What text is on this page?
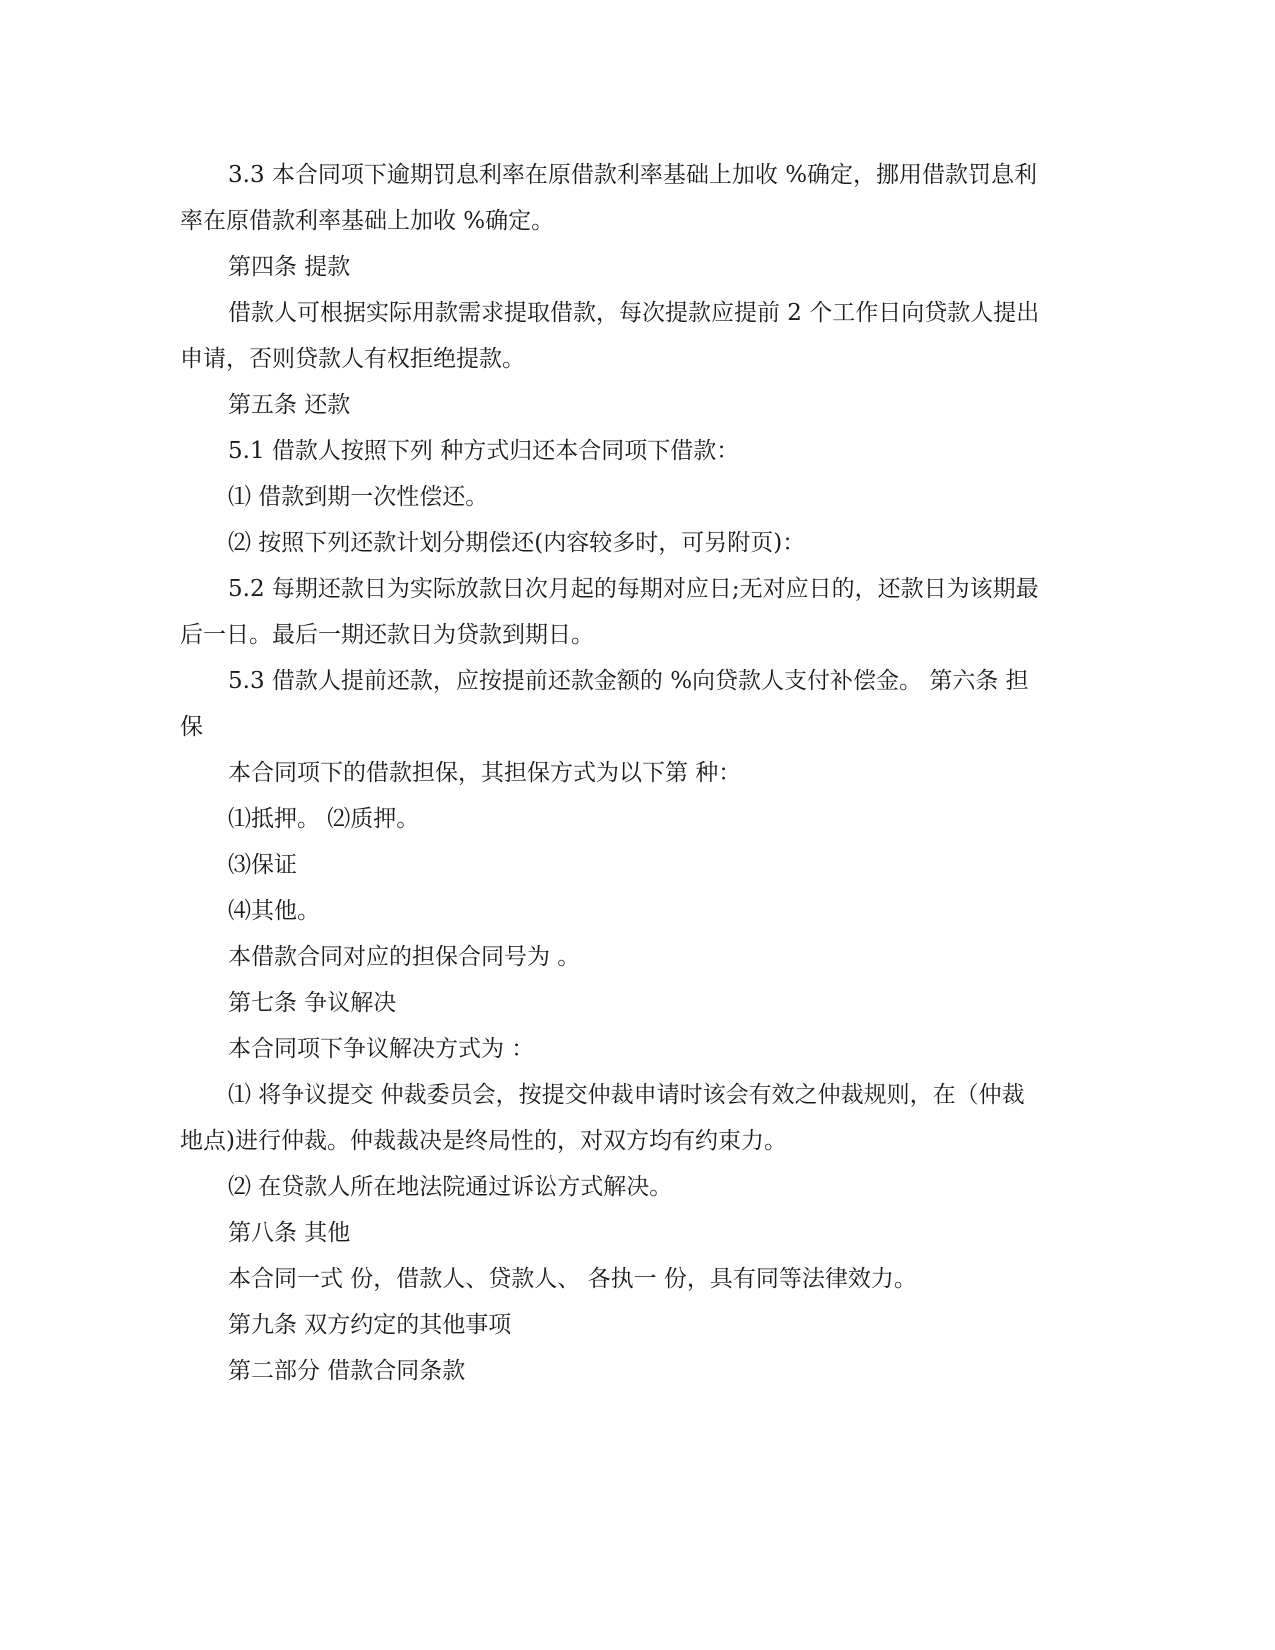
3.3 本合同项下逾期罚息利率在原借款利率基础上加收 %确定，挪用借款罚息利率在原借款利率基础上加收 %确定。

第四条 提款

借款人可根据实际用款需求提取借款，每次提款应提前 2 个工作日向贷款人提出申请，否则贷款人有权拒绝提款。

第五条 还款

5.1 借款人按照下列 种方式归还本合同项下借款：

⑴ 借款到期一次性偿还。

⑵ 按照下列还款计划分期偿还(内容较多时，可另附页)：

5.2 每期还款日为实际放款日次月起的每期对应日;无对应日的，还款日为该期最后一日。最后一期还款日为贷款到期日。

5.3 借款人提前还款，应按提前还款金额的 %向贷款人支付补偿金。 第六条 担保

本合同项下的借款担保，其担保方式为以下第 种：

⑴抵押。 ⑵质押。

⑶保证

⑷其他。

本借款合同对应的担保合同号为 。

第七条 争议解决

本合同项下争议解决方式为 ：

⑴ 将争议提交 仲裁委员会，按提交仲裁申请时该会有效之仲裁规则，在（仲裁地点)进行仲裁。仲裁裁决是终局性的，对双方均有约束力。

⑵ 在贷款人所在地法院通过诉讼方式解决。

第八条 其他

本合同一式 份，借款人、贷款人、 各执一 份，具有同等法律效力。

第九条 双方约定的其他事项

第二部分 借款合同条款
